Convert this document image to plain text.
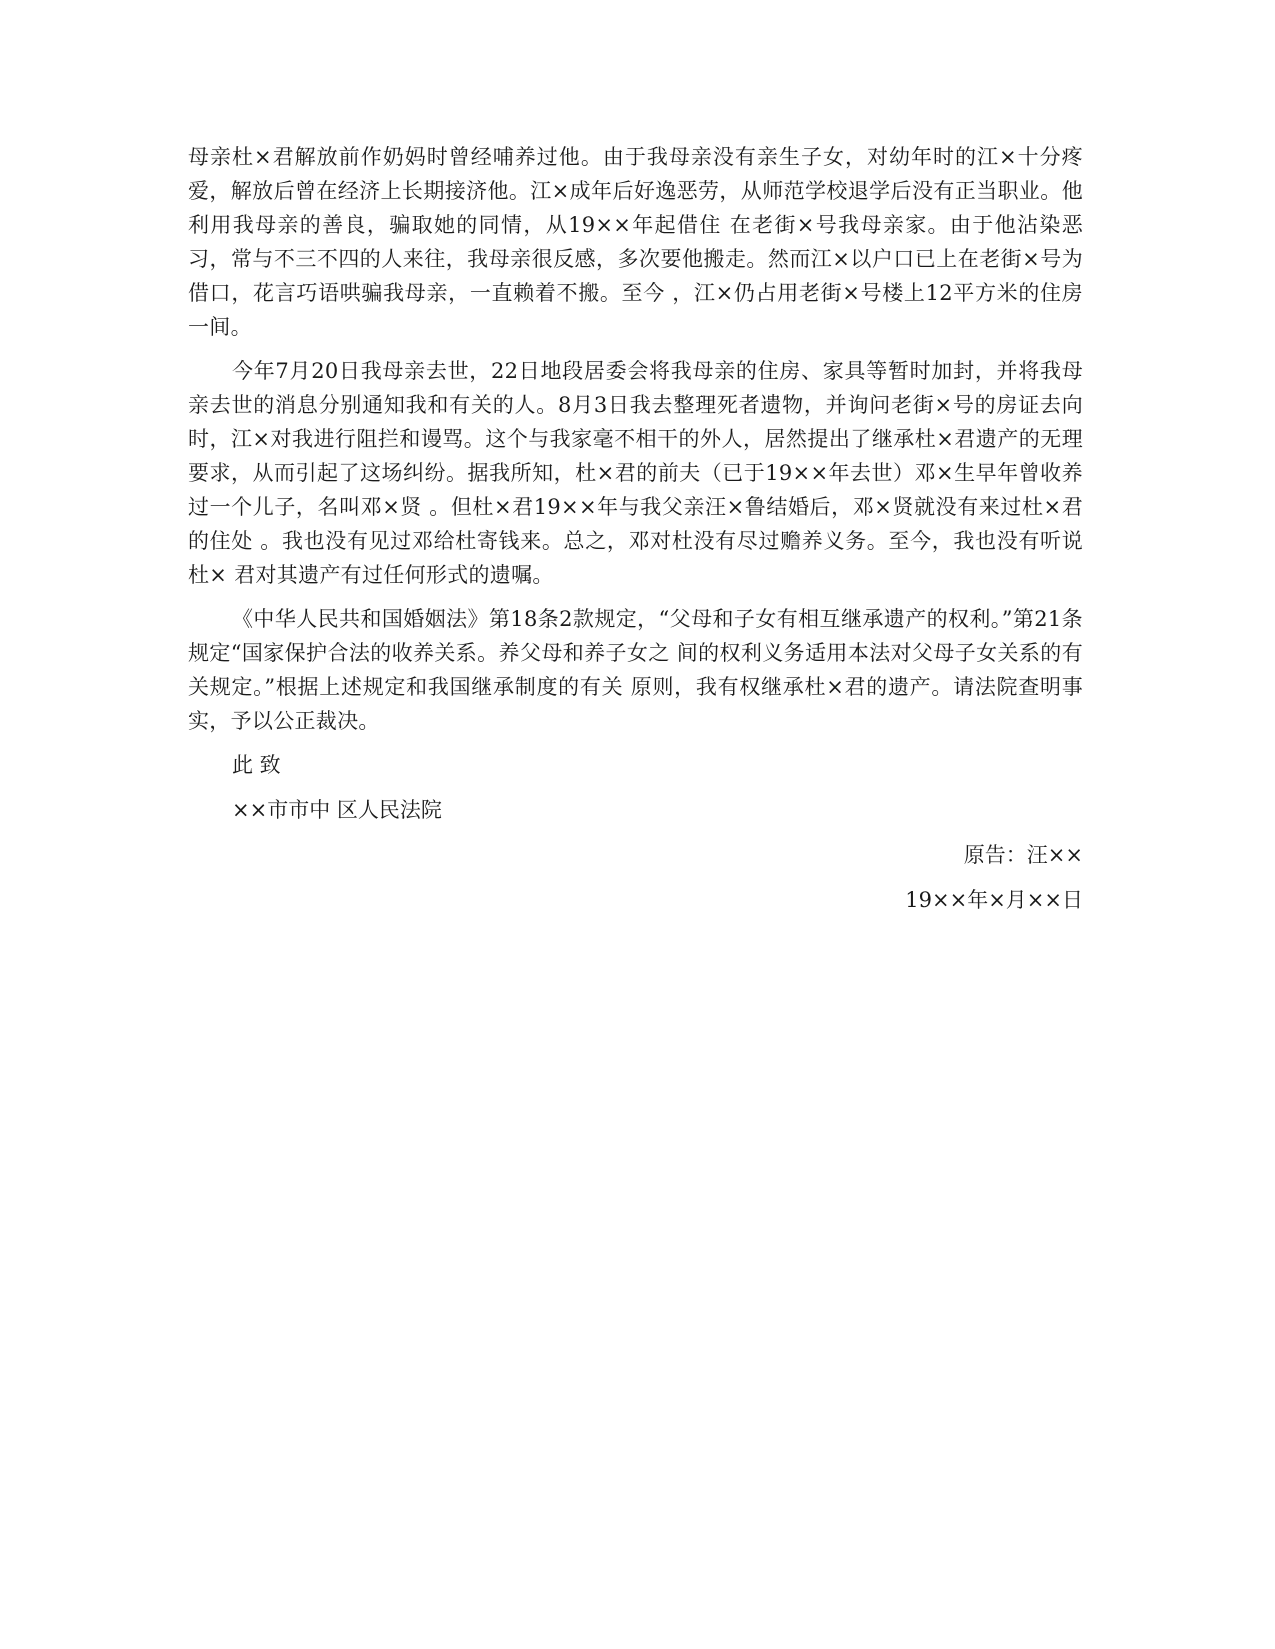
母亲杜×君解放前作奶妈时曾经哺养过他。由于我母亲没有亲生子女，对幼年时的江×十分疼爱，解放后曾在经济上长期接济他。江×成年后好逸恶劳，从师范学校退学后没有正当职业。他利用我母亲的善良，骗取她的同情，从19××年起借住 在老街×号我母亲家。由于他沾染恶习，常与不三不四的人来往，我母亲很反感，多次要他搬走。然而江×以户口已上在老街×号为借口，花言巧语哄骗我母亲，一直赖着不搬。至今 ，江×仍占用老街×号楼上12平方米的住房一间。

今年7月20日我母亲去世，22日地段居委会将我母亲的住房、家具等暂时加封，并将我母亲去世的消息分别通知我和有关的人。8月3日我去整理死者遗物，并询问老街×号的房证去向时，江×对我进行阻拦和谩骂。这个与我家毫不相干的外人，居然提出了继承杜×君遗产的无理要求，从而引起了这场纠纷。据我所知，杜×君的前夫（已于19××年去世）邓×生早年曾收养过一个儿子，名叫邓×贤 。但杜×君19××年与我父亲汪×鲁结婚后，邓×贤就没有来过杜×君的住处 。我也没有见过邓给杜寄钱来。总之，邓对杜没有尽过赡养义务。至今，我也没有听说杜× 君对其遗产有过任何形式的遗嘱。

《中华人民共和国婚姻法》第18条2款规定，“父母和子女有相互继承遗产的权利。”第21条规定“国家保护合法的收养关系。养父母和养子女之 间的权利义务适用本法对父母子女关系的有关规定。”根据上述规定和我国继承制度的有关 原则，我有权继承杜×君的遗产。请法院查明事实，予以公正裁决。

此 致

××市市中 区人民法院

原告：汪××

19××年×月××日
